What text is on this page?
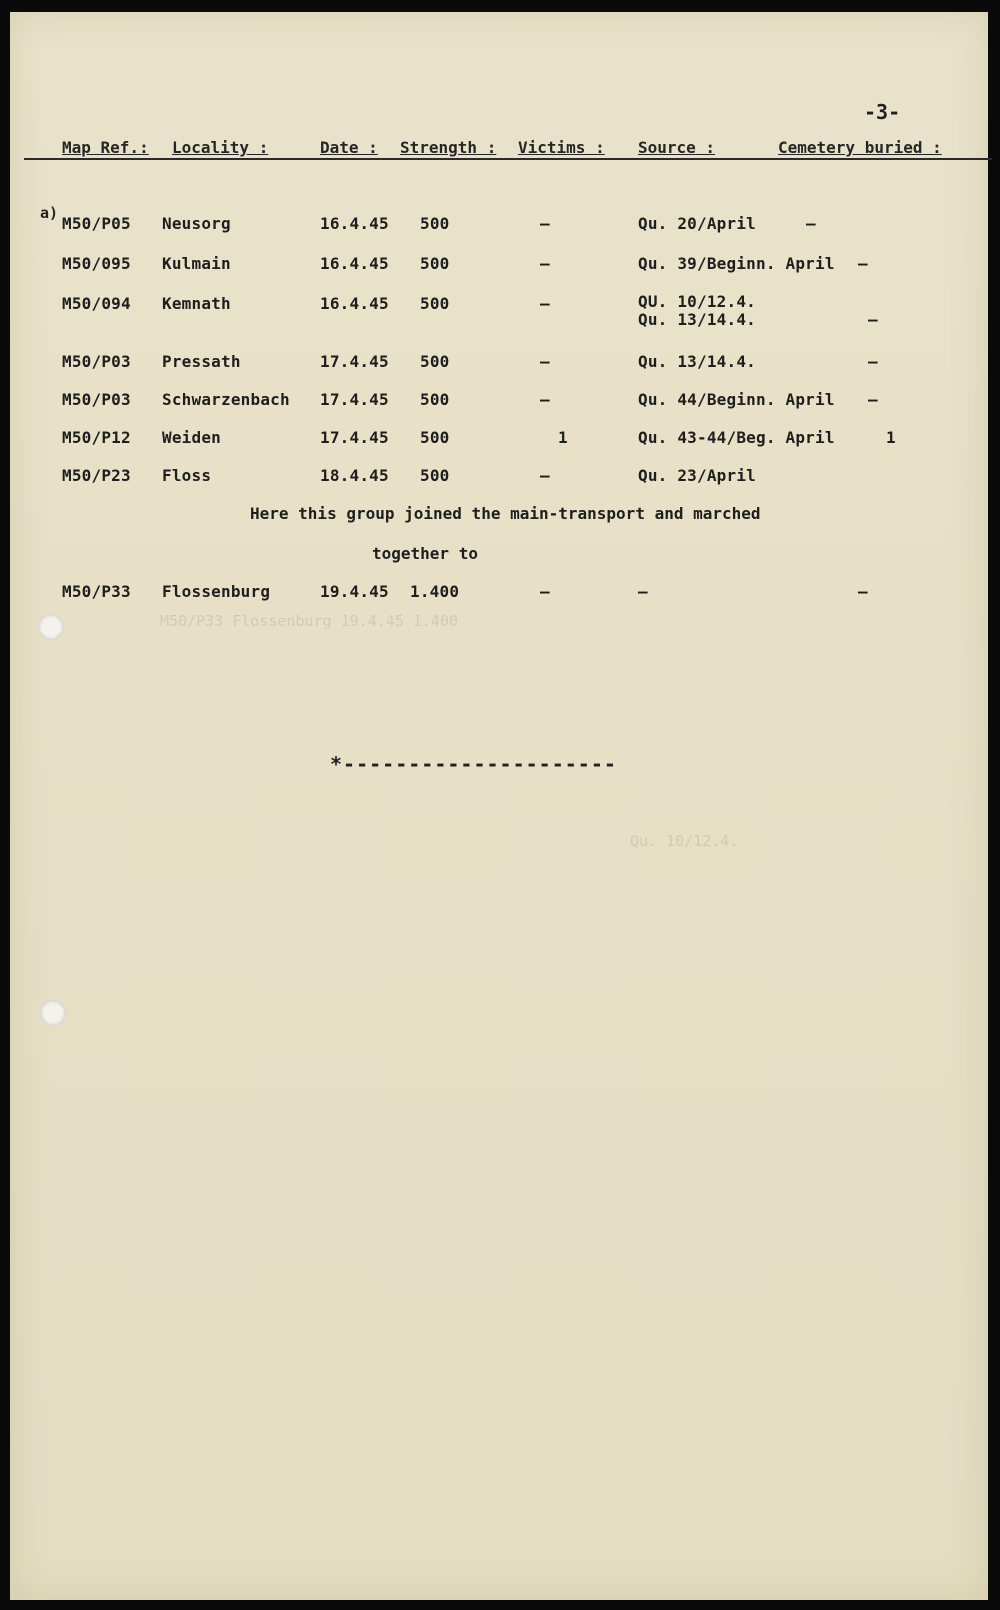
M50/P33 Flossenburg 19.4.45 1.400
Qu. 10/12.4.
-3-
Map Ref.: Locality :	Date : Strength : Victims : Source :	Cemetery buried :
a)
M50/P05 Neusorg	16.4.45 500	—	Qu. 20/April	—
M50/095 Kulmain	16.4.45 500	—	Qu. 39/Beginn. April —
M50/094 Kemnath	16.4.45 500	—	QU. 10/12.4.
Qu. 13/14.4.	—
M50/P03 Pressath	17.4.45 500	—	Qu. 13/14.4.	—
M50/P03 Schwarzenbach 17.4.45 500	—	Qu. 44/Beginn. April —
M50/P12 Weiden	17.4.45 500	1	Qu. 43-44/Beg. April	1
M50/P23 Floss	18.4.45 500	—	Qu. 23/April
Here this group joined the main-transport and marched
together to
M50/P33 Flossenburg	19.4.45 1.400	—	—	—
*---------------------
